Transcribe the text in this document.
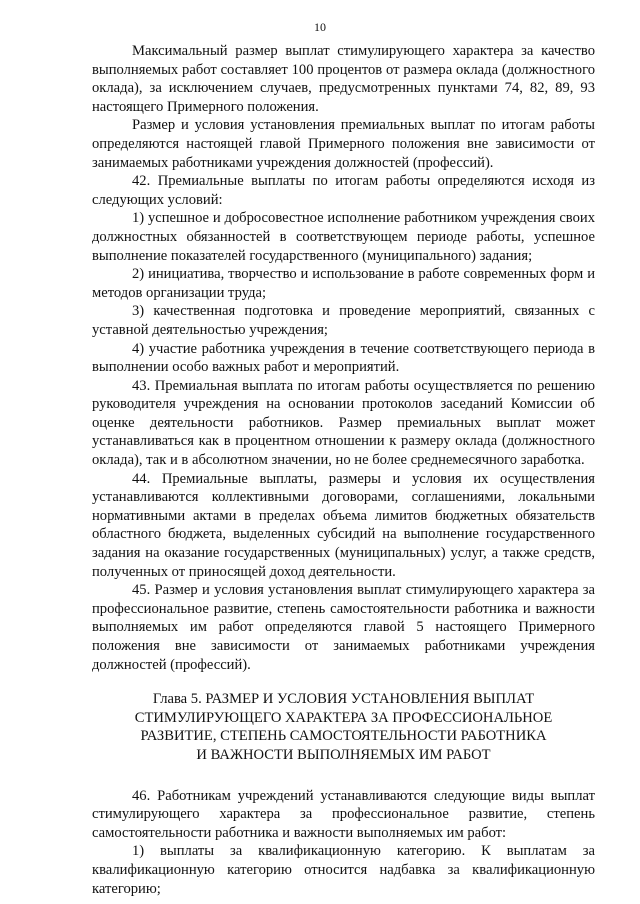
10

Максимальный размер выплат стимулирующего характера за качество выполняемых работ составляет 100 процентов от размера оклада (должностного оклада), за исключением случаев, предусмотренных пунктами 74, 82, 89, 93 настоящего Примерного положения.

Размер и условия установления премиальных выплат по итогам работы определяются настоящей главой Примерного положения вне зависимости от занимаемых работниками учреждения должностей (профессий).

42. Премиальные выплаты по итогам работы определяются исходя из следующих условий:

1) успешное и добросовестное исполнение работником учреждения своих должностных обязанностей в соответствующем периоде работы, успешное выполнение показателей государственного (муниципального) задания;

2) инициатива, творчество и использование в работе современных форм и методов организации труда;

3) качественная подготовка и проведение мероприятий, связанных с уставной деятельностью учреждения;

4) участие работника учреждения в течение соответствующего периода в выполнении особо важных работ и мероприятий.

43. Премиальная выплата по итогам работы осуществляется по решению руководителя учреждения на основании протоколов заседаний Комиссии об оценке деятельности работников. Размер премиальных выплат может устанавливаться как в процентном отношении к размеру оклада (должностного оклада), так и в абсолютном значении, но не более среднемесячного заработка.

44. Премиальные выплаты, размеры и условия их осуществления устанавливаются коллективными договорами, соглашениями, локальными нормативными актами в пределах объема лимитов бюджетных обязательств областного бюджета, выделенных субсидий на выполнение государственного задания на оказание государственных (муниципальных) услуг, а также средств, полученных от приносящей доход деятельности.

45. Размер и условия установления выплат стимулирующего характера за профессиональное развитие, степень самостоятельности работника и важности выполняемых им работ определяются главой 5 настоящего Примерного положения вне зависимости от занимаемых работниками учреждения должностей (профессий).

Глава 5. РАЗМЕР И УСЛОВИЯ УСТАНОВЛЕНИЯ ВЫПЛАТ
СТИМУЛИРУЮЩЕГО ХАРАКТЕРА ЗА ПРОФЕССИОНАЛЬНОЕ
РАЗВИТИЕ, СТЕПЕНЬ САМОСТОЯТЕЛЬНОСТИ РАБОТНИКА
И ВАЖНОСТИ ВЫПОЛНЯЕМЫХ ИМ РАБОТ

46. Работникам учреждений устанавливаются следующие виды выплат стимулирующего характера за профессиональное развитие, степень самостоятельности работника и важности выполняемых им работ:

1) выплаты за квалификационную категорию. К выплатам за квалификационную категорию относится надбавка за квалификационную категорию;
